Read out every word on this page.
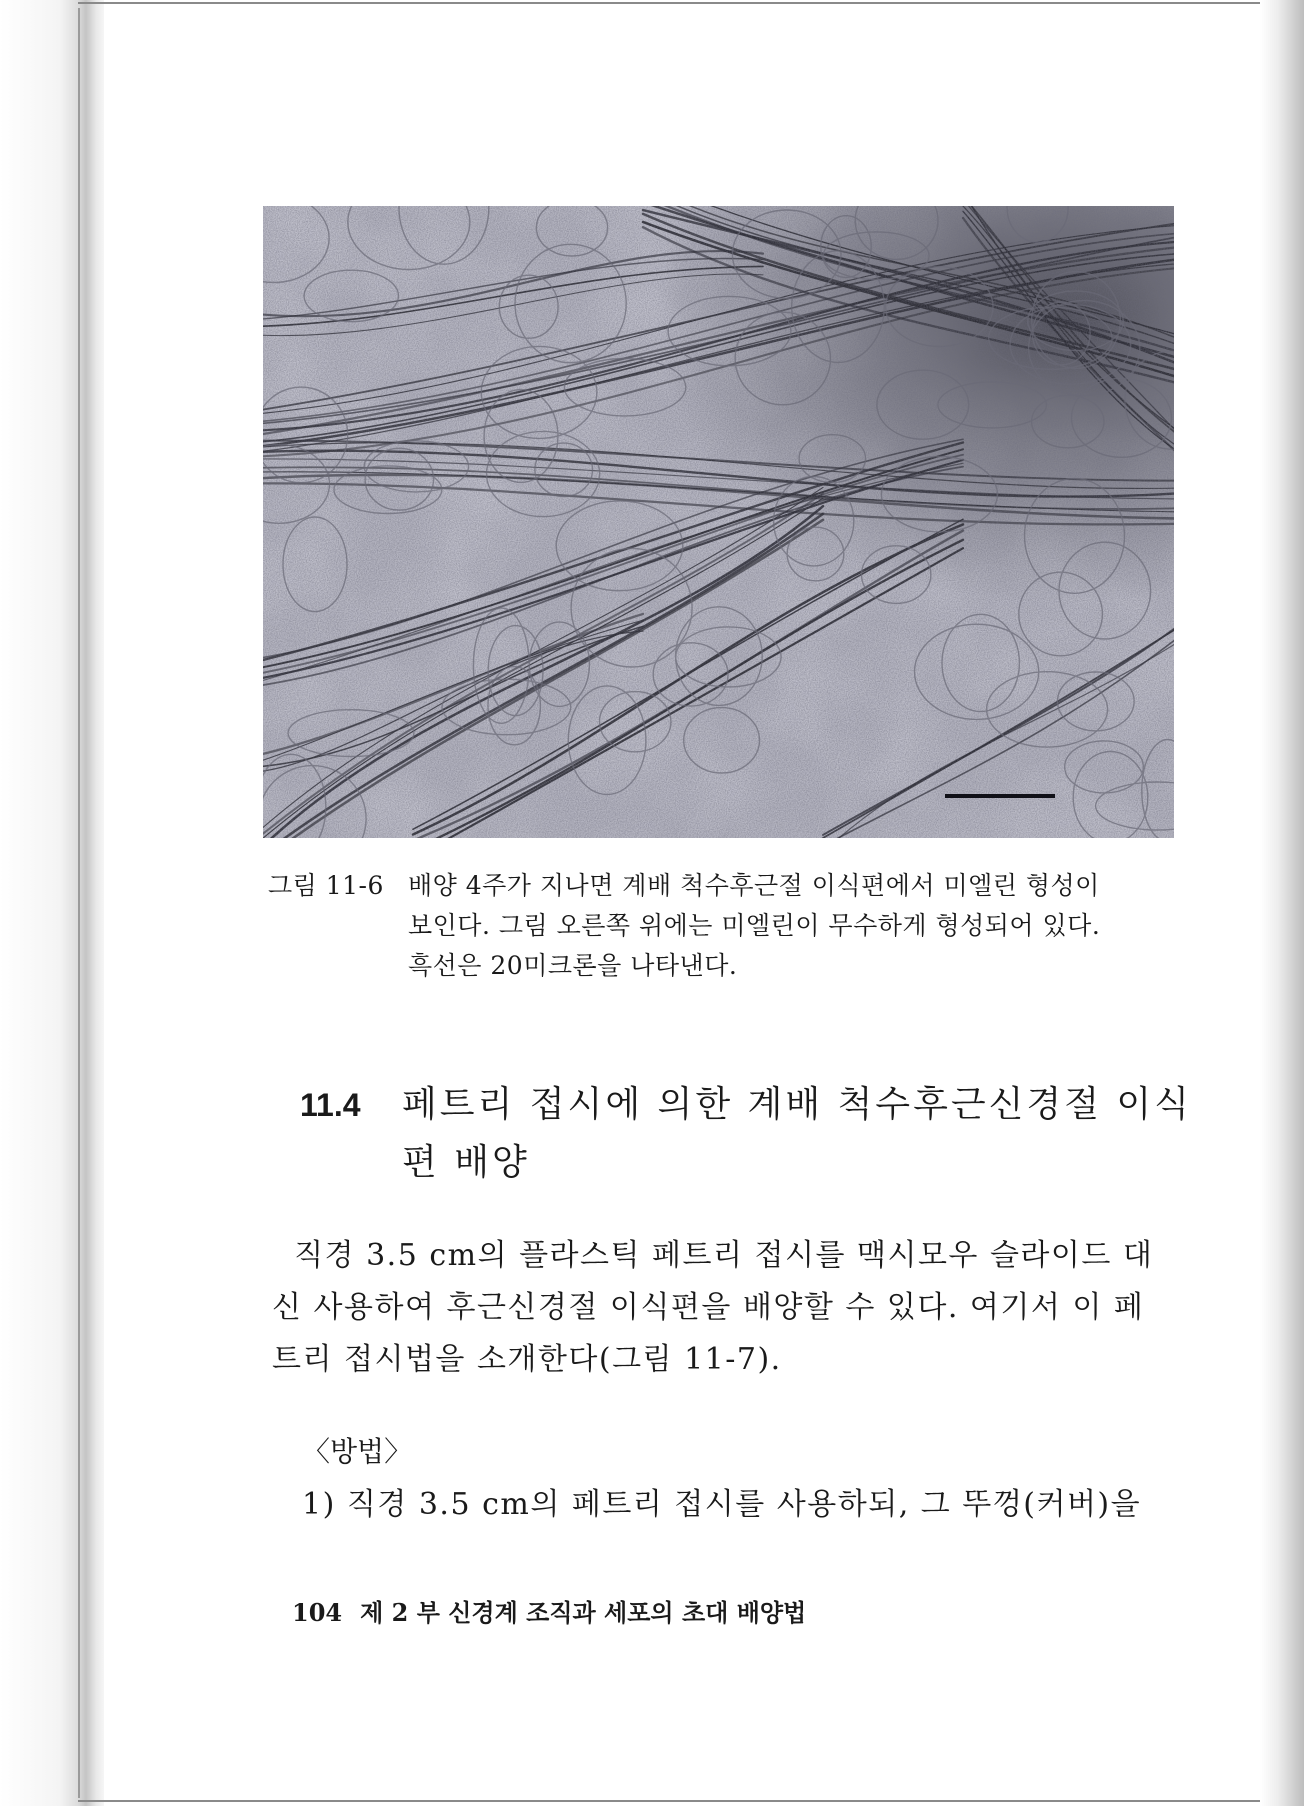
그림 11-6 배양 4주가 지나면 계배 척수후근절 이식편에서 미엘린 형성이
보인다. 그림 오른쪽 위에는 미엘린이 무수하게 형성되어 있다.
흑선은 20미크론을 나타낸다.
11.4 페트리 접시에 의한 계배 척수후근신경절 이식
편 배양
직경 3.5 cm의 플라스틱 페트리 접시를 맥시모우 슬라이드 대
신 사용하여 후근신경절 이식편을 배양할 수 있다. 여기서 이 페
트리 접시법을 소개한다(그림 11-7).
〈방법〉
1) 직경 3.5 cm의 페트리 접시를 사용하되, 그 뚜껑(커버)을
104 제 2 부 신경계 조직과 세포의 초대 배양법
